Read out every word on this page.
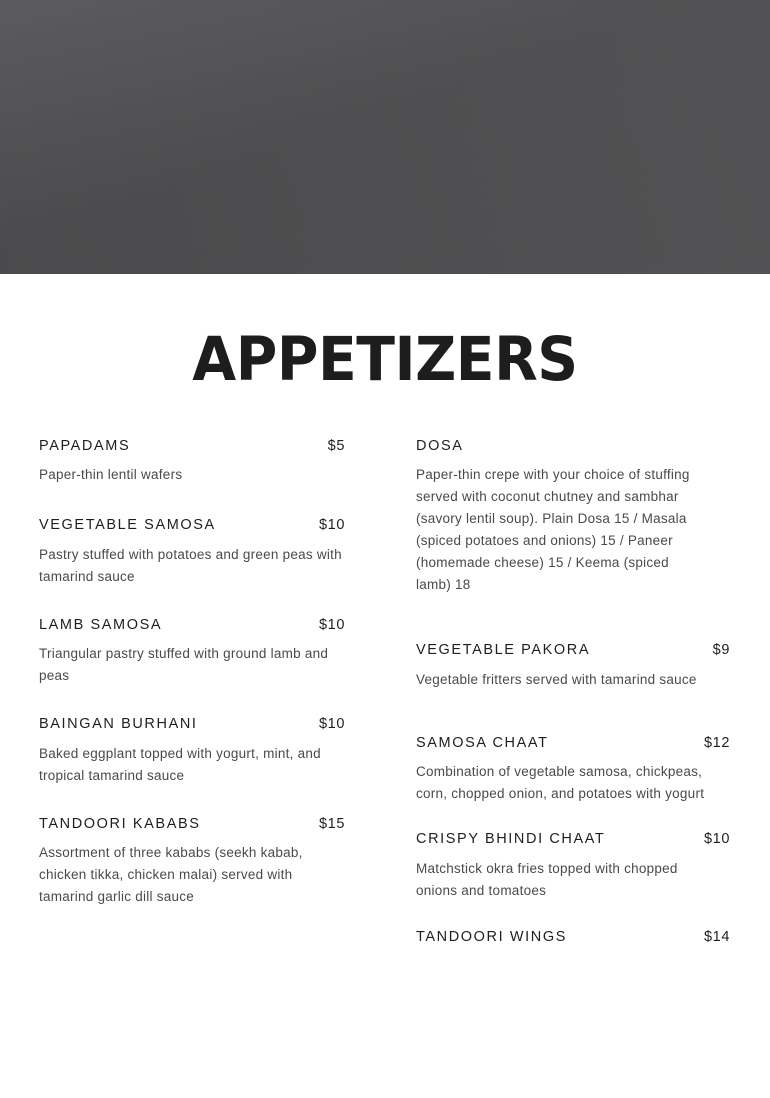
APPETIZERS
PAPADAMS	$5
Paper-thin lentil wafers
VEGETABLE SAMOSA	$10
Pastry stuffed with potatoes and green peas with tamarind sauce
LAMB SAMOSA	$10
Triangular pastry stuffed with ground lamb and peas
BAINGAN BURHANI	$10
Baked eggplant topped with yogurt, mint, and tropical tamarind sauce
TANDOORI KABABS	$15
Assortment of three kababs (seekh kabab, chicken tikka, chicken malai) served with tamarind garlic dill sauce
DOSA
Paper-thin crepe with your choice of stuffing served with coconut chutney and sambhar (savory lentil soup). Plain Dosa 15 / Masala (spiced potatoes and onions) 15 / Paneer (homemade cheese) 15 / Keema (spiced lamb) 18
VEGETABLE PAKORA	$9
Vegetable fritters served with tamarind sauce
SAMOSA CHAAT	$12
Combination of vegetable samosa, chickpeas, corn, chopped onion, and potatoes with yogurt
CRISPY BHINDI CHAAT	$10
Matchstick okra fries topped with chopped onions and tomatoes
TANDOORI WINGS	$14
